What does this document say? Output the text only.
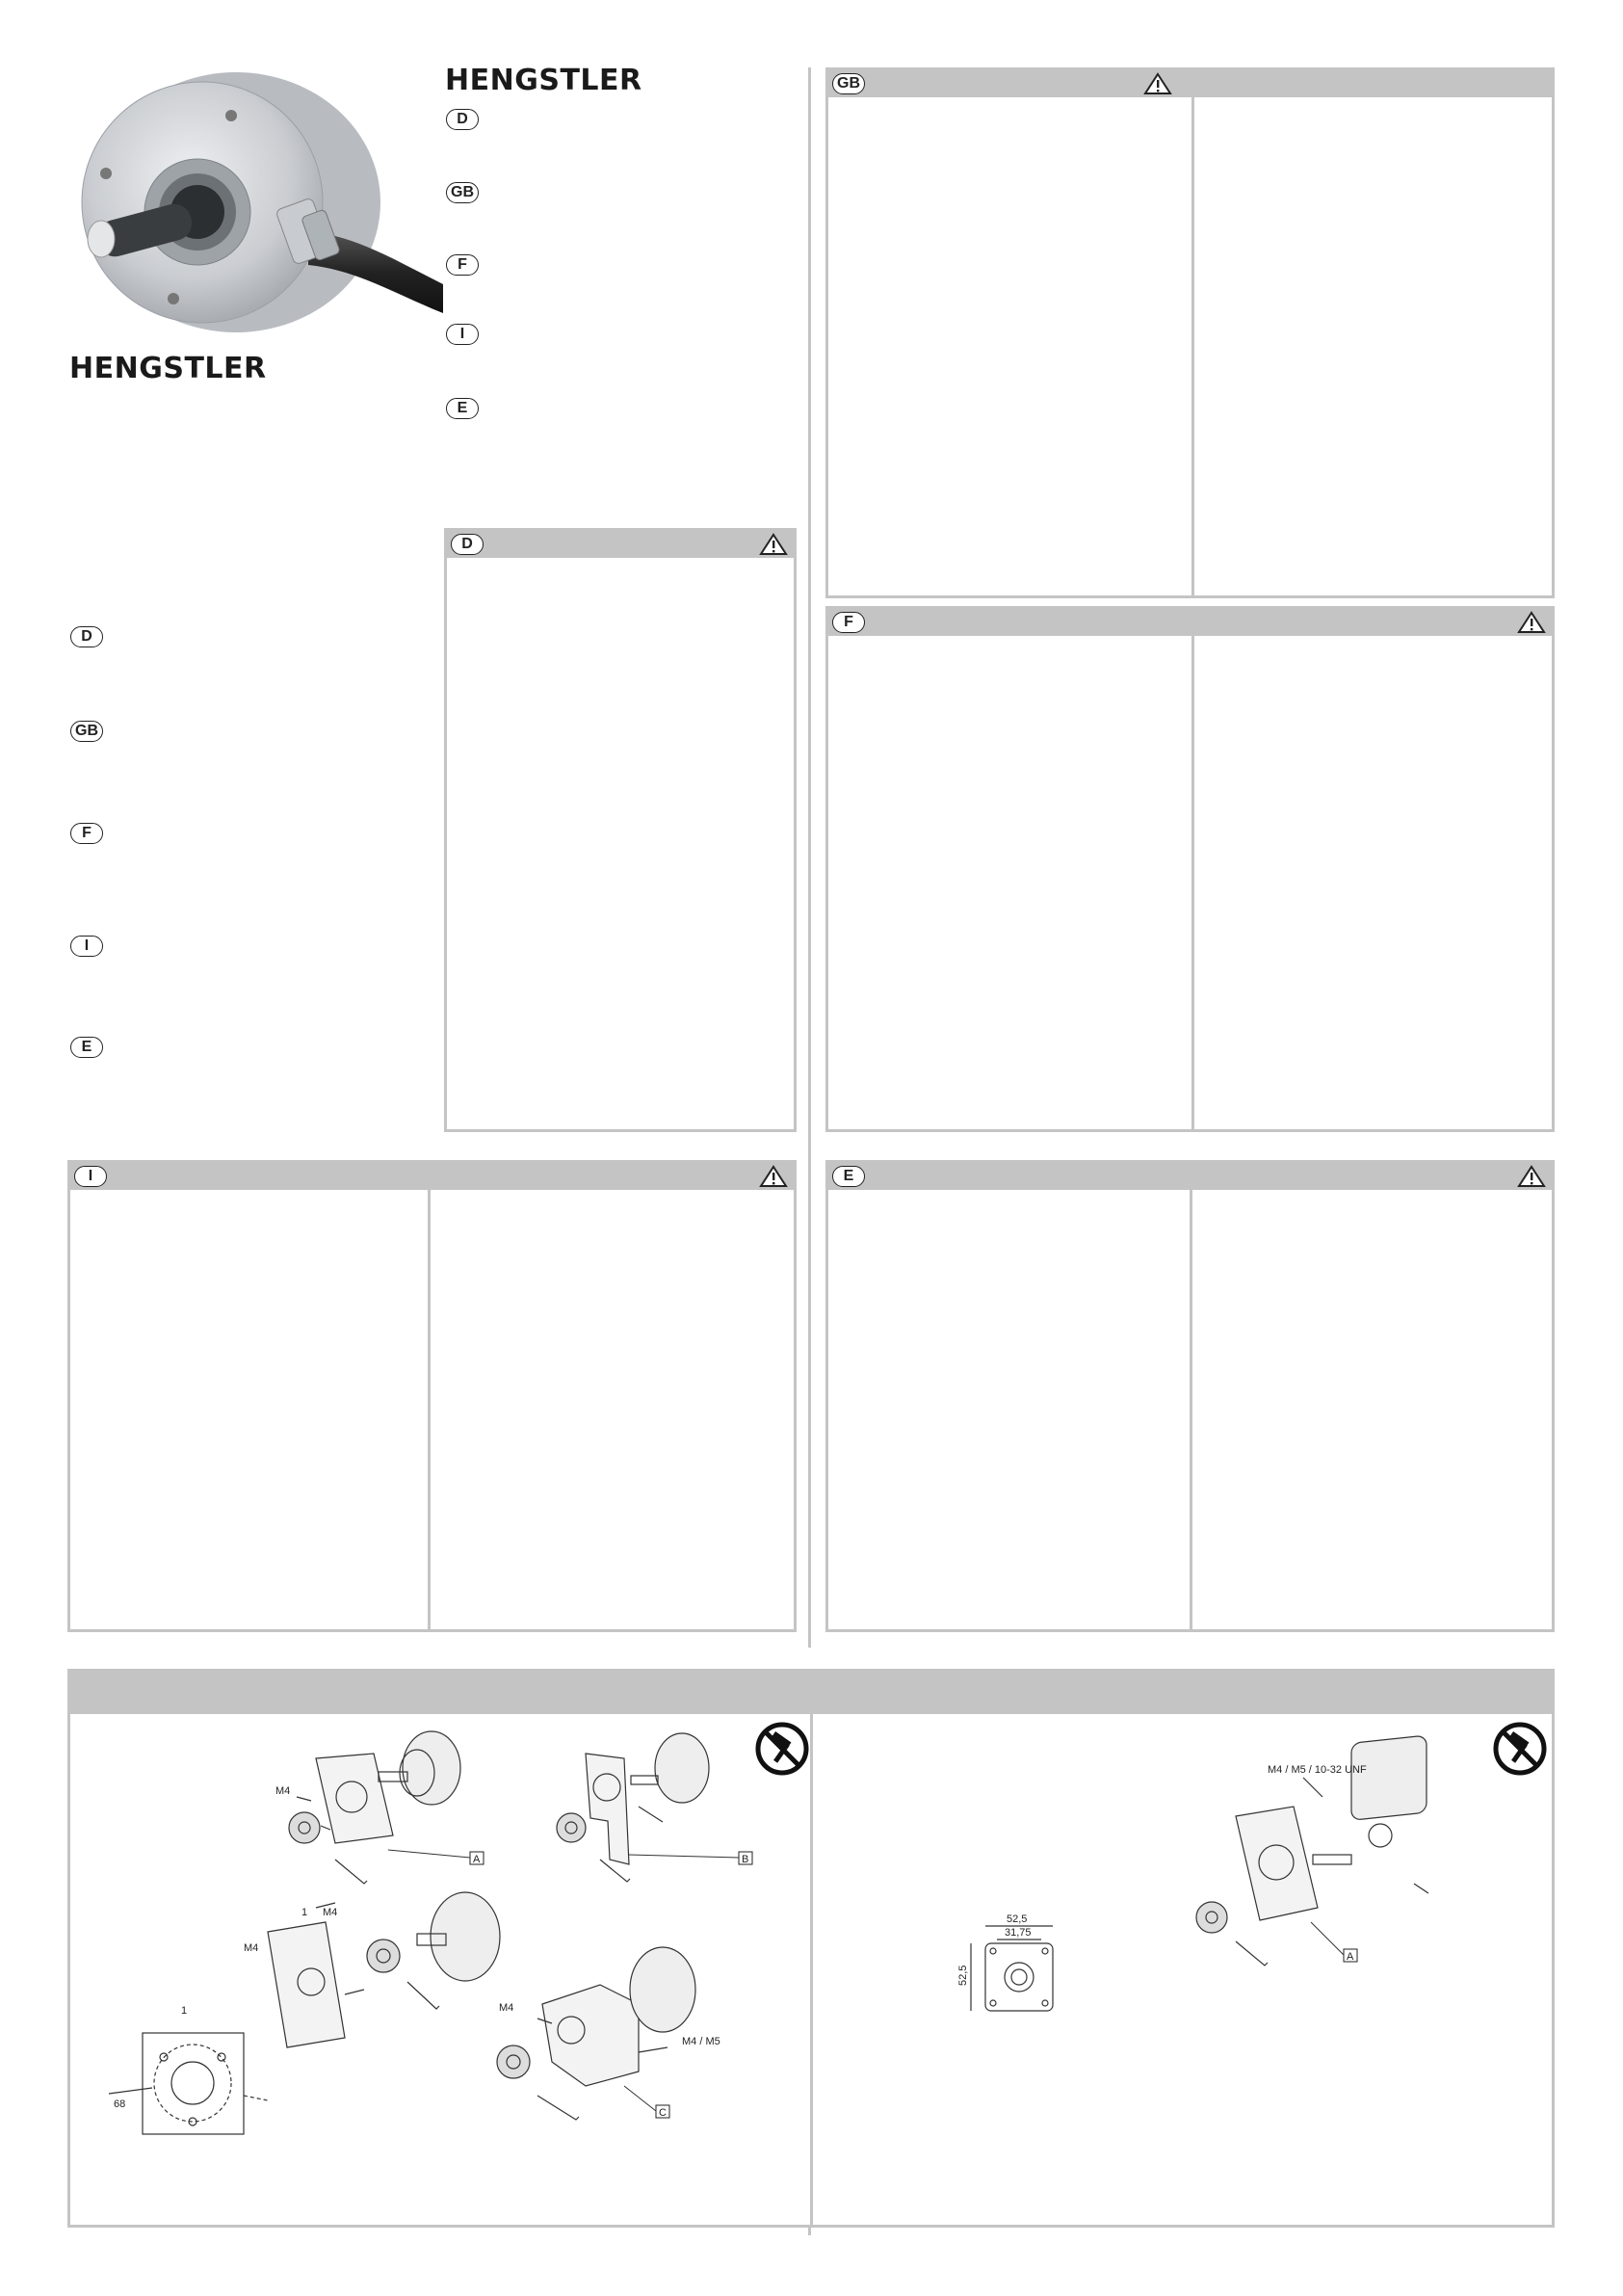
HENGSTLER
HENGSTLER
D
GB
F
I
E
D
GB
F
I
E
D
GB
F
I	E
M4
A	B
M4
1
M4
1
68
M4
M4 / M5
C
M4 / M5 / 10-32 UNF
A
52,5
31,75
52,5
